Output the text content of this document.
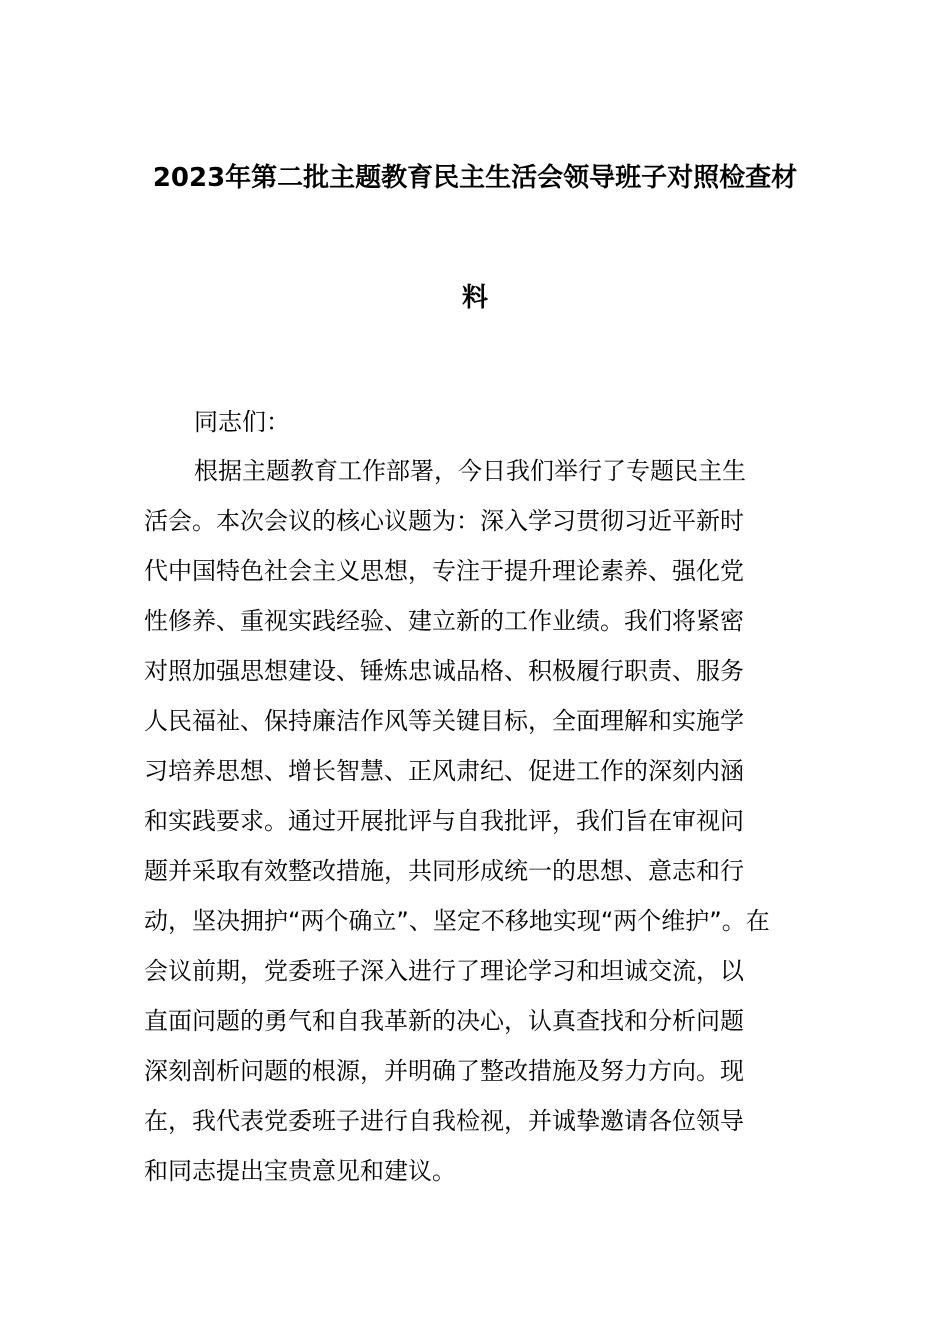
2023年第二批主题教育民主生活会领导班子对照检查材
料
同志们：
根据主题教育工作部署，今日我们举行了专题民主生
活会。本次会议的核心议题为：深入学习贯彻习近平新时
代中国特色社会主义思想，专注于提升理论素养、强化党
性修养、重视实践经验、建立新的工作业绩。我们将紧密
对照加强思想建设、锤炼忠诚品格、积极履行职责、服务
人民福祉、保持廉洁作风等关键目标，全面理解和实施学
习培养思想、增长智慧、正风肃纪、促进工作的深刻内涵
和实践要求。通过开展批评与自我批评，我们旨在审视问
题并采取有效整改措施，共同形成统一的思想、意志和行
动，坚决拥护“两个确立”、坚定不移地实现“两个维护”。在
会议前期，党委班子深入进行了理论学习和坦诚交流，以
直面问题的勇气和自我革新的决心，认真查找和分析问题
深刻剖析问题的根源，并明确了整改措施及努力方向。现
在，我代表党委班子进行自我检视，并诚挚邀请各位领导
和同志提出宝贵意见和建议。
